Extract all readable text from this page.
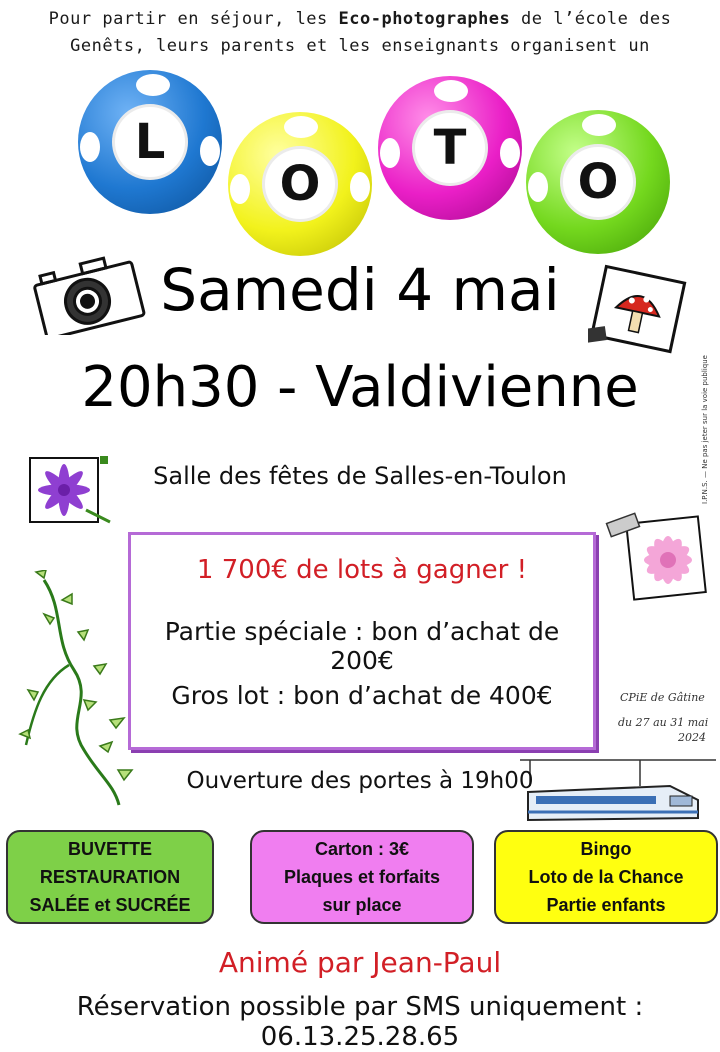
Pour partir en séjour, les Eco-photographes de l’école des
Genêts, leurs parents et les enseignants organisent un
L
O
T
O
Samedi 4 mai
20h30 - Valdivienne	I.P.N.S. — Ne pas jeter sur la voie publique
Salle des fêtes de Salles-en-Toulon
1 700€ de lots à gagner !
Partie spéciale : bon d’achat de 200€
Gros lot : bon d’achat de 400€	CPiE de Gâtine
du 27 au 31 mai
2024
Ouverture des portes à 19h00
BUVETTE
RESTAURATION
SALÉE et SUCRÉE
Carton : 3€
Plaques et forfaits
sur place
Bingo
Loto de la Chance
Partie enfants
Animé par Jean-Paul
Réservation possible par SMS uniquement : 06.13.25.28.65
